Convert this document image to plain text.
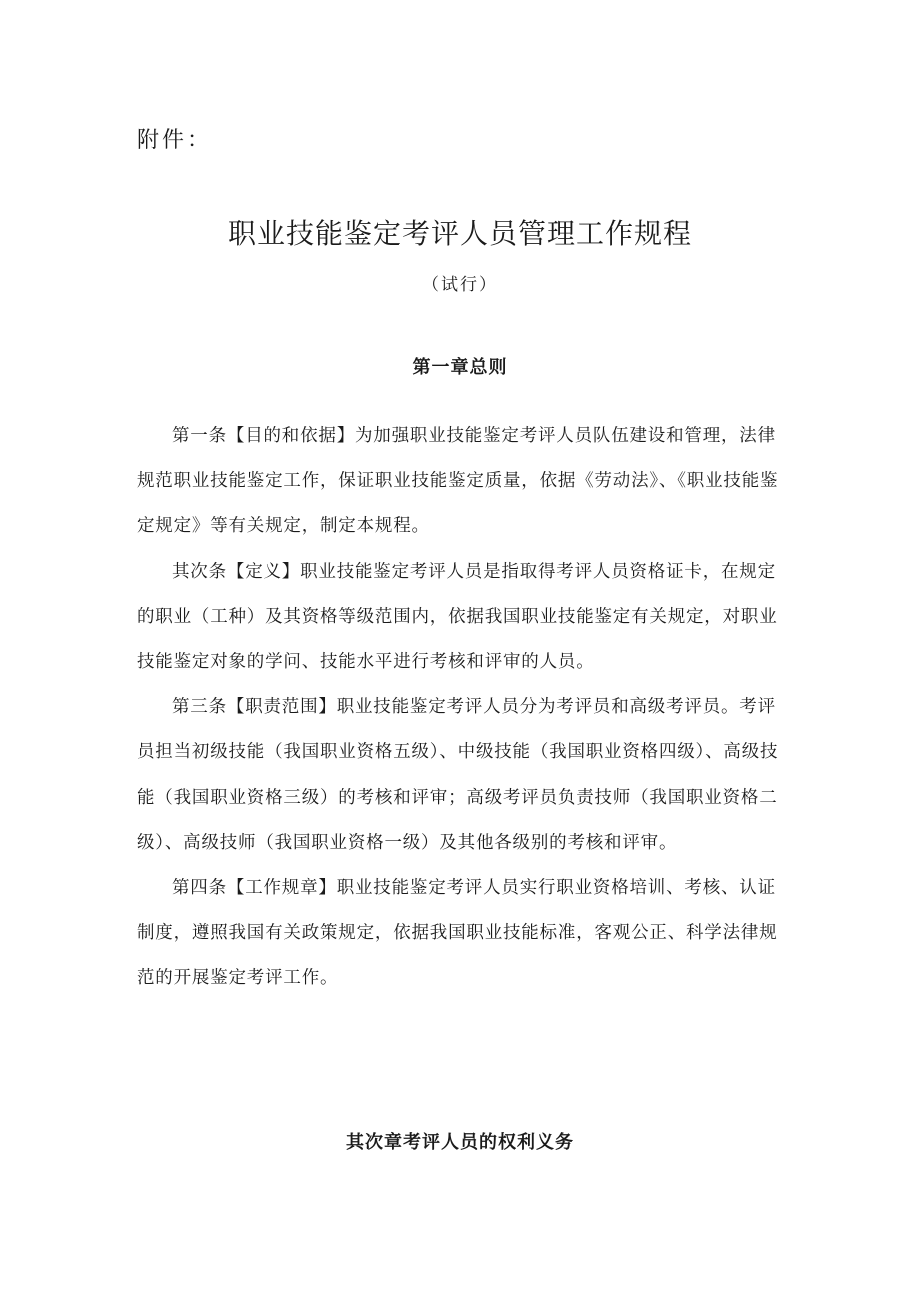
附件：
职业技能鉴定考评人员管理工作规程
（试行）
第一章总则

第一条【目的和依据】为加强职业技能鉴定考评人员队伍建设和管理，法律规范职业技能鉴定工作，保证职业技能鉴定质量，依据《劳动法》、《职业技能鉴定规定》等有关规定，制定本规程。

其次条【定义】职业技能鉴定考评人员是指取得考评人员资格证卡，在规定的职业（工种）及其资格等级范围内，依据我国职业技能鉴定有关规定，对职业技能鉴定对象的学问、技能水平进行考核和评审的人员。

第三条【职责范围】职业技能鉴定考评人员分为考评员和高级考评员。考评员担当初级技能（我国职业资格五级）、中级技能（我国职业资格四级）、高级技能（我国职业资格三级）的考核和评审；高级考评员负责技师（我国职业资格二级）、高级技师（我国职业资格一级）及其他各级别的考核和评审。

第四条【工作规章】职业技能鉴定考评人员实行职业资格培训、考核、认证制度，遵照我国有关政策规定，依据我国职业技能标准，客观公正、科学法律规范的开展鉴定考评工作。

其次章考评人员的权利义务
